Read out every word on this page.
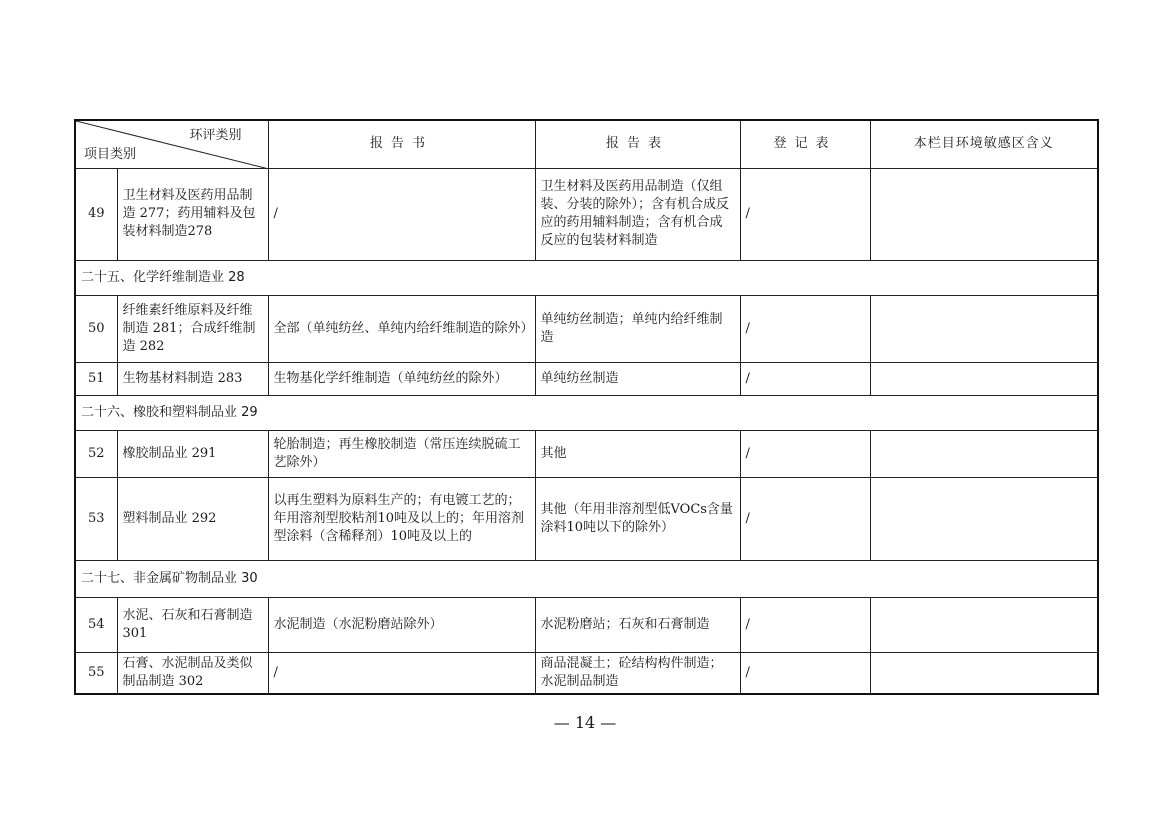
环评类别
项目类别		报告书	报告表	登记表	本栏目环境敏感区含义
49	卫生材料及医药用品制造 277；药用辅料及包装材料制造278	/	卫生材料及医药用品制造（仅组装、分装的除外）；含有机合成反应的药用辅料制造；含有机合成反应的包装材料制造	/	
二十五、化学纤维制造业 28					
50	纤维素纤维原料及纤维制造 281；合成纤维制造 282	全部（单纯纺丝、单纯内给纤维制造的除外）	单纯纺丝制造；单纯内给纤维制造	/	
51	生物基材料制造 283	生物基化学纤维制造（单纯纺丝的除外）	单纯纺丝制造	/	
二十六、橡胶和塑料制品业 29					
52	橡胶制品业 291	轮胎制造；再生橡胶制造（常压连续脱硫工艺除外）	其他	/	
53	塑料制品业 292	以再生塑料为原料生产的；有电镀工艺的；年用溶剂型胶粘剂10吨及以上的；年用溶剂型涂料（含稀释剂）10吨及以上的	其他（年用非溶剂型低VOCs含量涂料10吨以下的除外）	/	
二十七、非金属矿物制品业 30					
54	水泥、石灰和石膏制造 301	水泥制造（水泥粉磨站除外）	水泥粉磨站；石灰和石膏制造	/	
55	石膏、水泥制品及类似制品制造 302	/	商品混凝土；砼结构构件制造；水泥制品制造	/	
— 14 —
